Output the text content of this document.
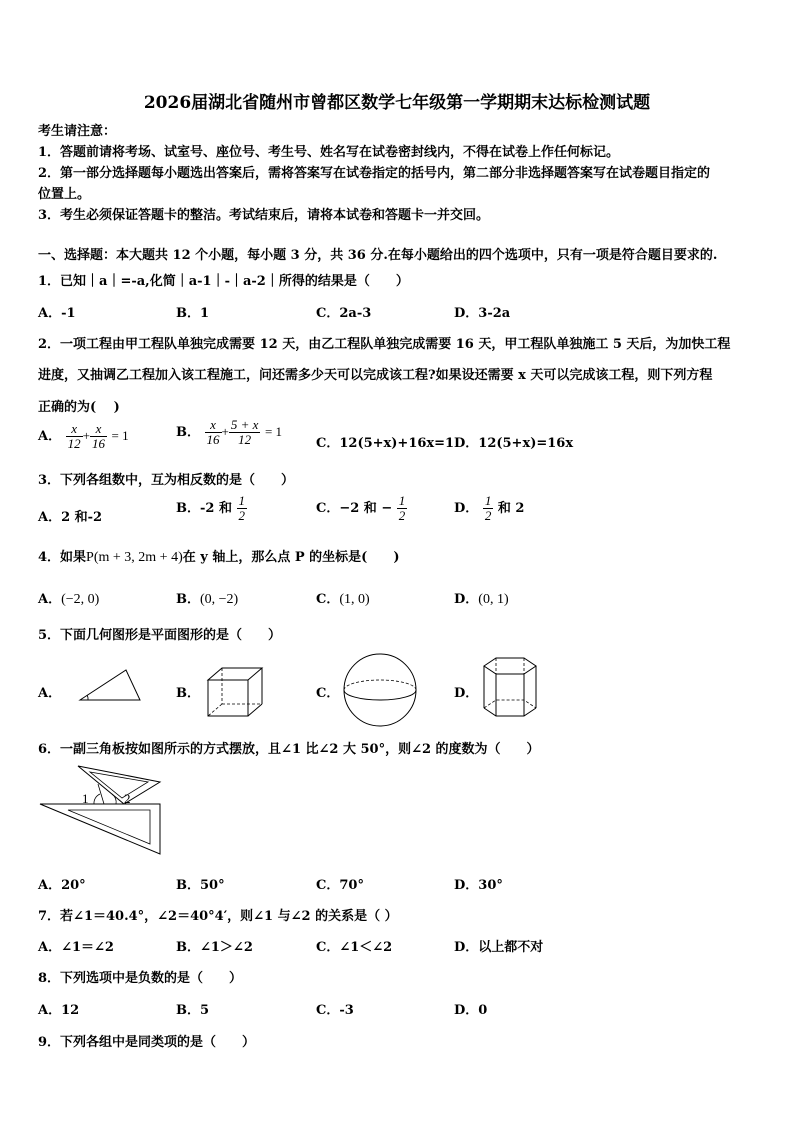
2026届湖北省随州市曾都区数学七年级第一学期期末达标检测试题
考生请注意：
1．答题前请将考场、试室号、座位号、考生号、姓名写在试卷密封线内，不得在试卷上作任何标记。
2．第一部分选择题每小题选出答案后，需将答案写在试卷指定的括号内，第二部分非选择题答案写在试卷题目指定的
位置上。
3．考生必须保证答题卡的整洁。考试结束后，请将本试卷和答题卡一并交回。
一、选择题：本大题共 12 个小题，每小题 3 分，共 36 分.在每小题给出的四个选项中，只有一项是符合题目要求的.
1．已知｜a｜=-a,化简｜a-1｜-｜a-2｜所得的结果是（　　）
A．-1	B．1	C．2a-3	D．3-2a
2．一项工程由甲工程队单独完成需要 12 天，由乙工程队单独完成需要 16 天，甲工程队单独施工 5 天后，为加快工程
进度，又抽调乙工程加入该工程施工，问还需多少天可以完成该工程?如果设还需要 x 天可以完成该工程，则下列方程
正确的为(　 )
A． $\frac{x}{12} + \frac{x}{16} = 1$	B． $\frac{x}{16} + \frac{5 + x}{12} = 1$
C．12(5+x)+16x=1 D．12(5+x)=16x
3．下列各组数中，互为相反数的是（　　）
A．2 和-2
B．-2 和 $\frac{1}{2}$	C．−2 和 − $\frac{1}{2}$	D． $\frac{1}{2}$ 和 2
4．如果P(m + 3, 2m + 4)在 y 轴上，那么点 P 的坐标是(　　)
A．(−2, 0)	B．(0, −2)	C．(1, 0)	D．(0, 1)
5．下面几何图形是平面图形的是（　　）
A．	B．	C．	D．
6．一副三角板按如图所示的方式摆放，且∠1 比∠2 大 50°，则∠2 的度数为（　　）
1	2
A．20°	B．50°	C．70°	D．30°
7．若∠1＝40.4°，∠2＝40°4′，则∠1 与∠2 的关系是（ ）
A．∠1＝∠2	B．∠1＞∠2	C．∠1＜∠2	D．以上都不对
8．下列选项中是负数的是（　　）
A．12	B．5	C．-3	D．0
9．下列各组中是同类项的是（　　）
